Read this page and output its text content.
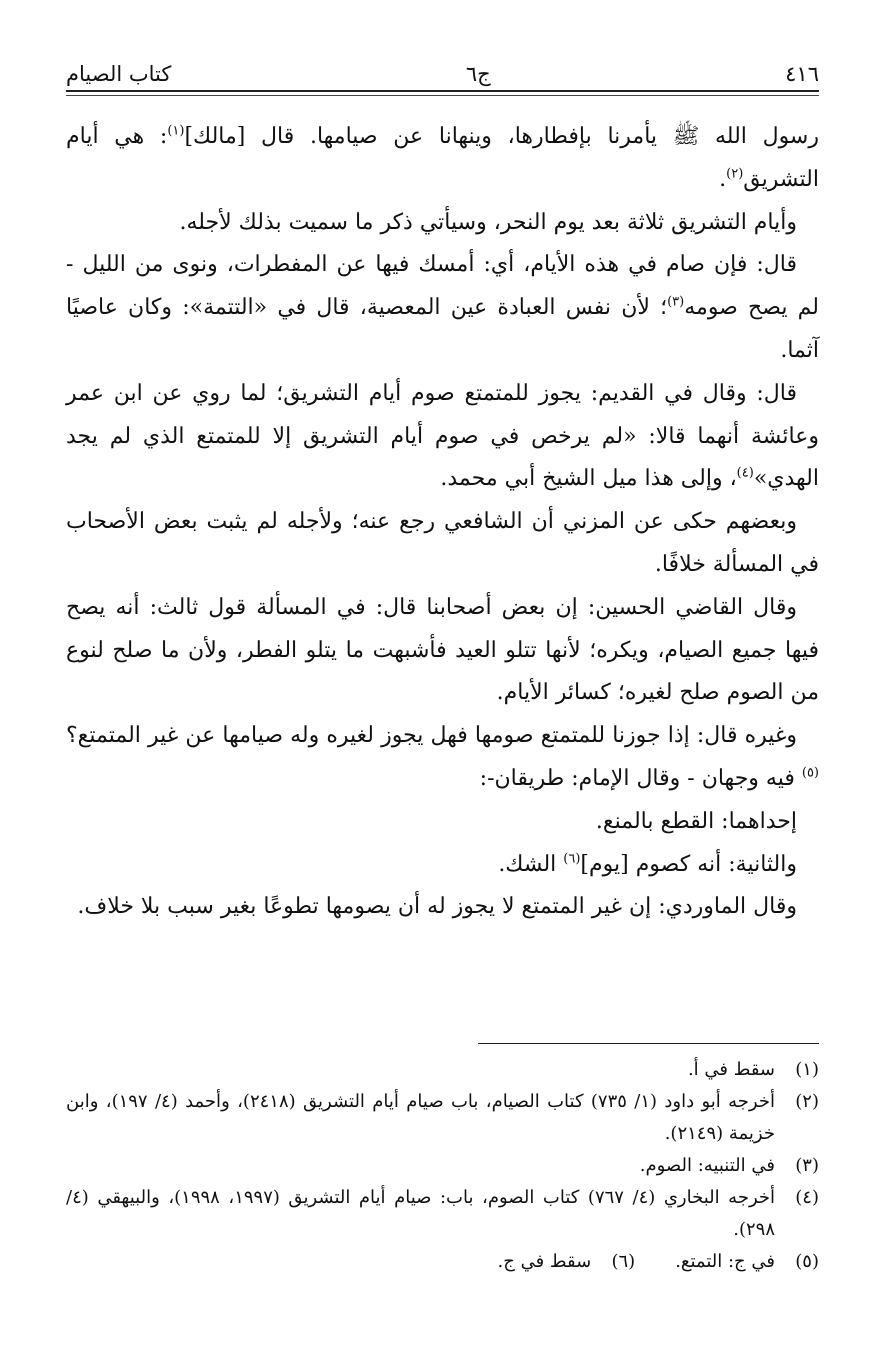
٤١٦
ج٦
كتاب الصيام

رسول الله ﷺ يأمرنا بإفطارها، وينهانا عن صيامها. قال [مالك]$^{(١)}$: هي أيام التشريق$^{(٢)}$.

وأيام التشريق ثلاثة بعد يوم النحر، وسيأتي ذكر ما سميت بذلك لأجله.

قال: فإن صام في هذه الأيام، أي: أمسك فيها عن المفطرات، ونوى من الليل - لم يصح صومه$^{(٣)}$؛ لأن نفس العبادة عين المعصية، قال في «التتمة»: وكان عاصيًا آثما.

قال: وقال في القديم: يجوز للمتمتع صوم أيام التشريق؛ لما روي عن ابن عمر وعائشة أنهما قالا: «لم يرخص في صوم أيام التشريق إلا للمتمتع الذي لم يجد الهدي»$^{(٤)}$، وإلى هذا ميل الشيخ أبي محمد.

وبعضهم حكى عن المزني أن الشافعي رجع عنه؛ ولأجله لم يثبت بعض الأصحاب في المسألة خلافًا.

وقال القاضي الحسين: إن بعض أصحابنا قال: في المسألة قول ثالث: أنه يصح فيها جميع الصيام، ويكره؛ لأنها تتلو العيد فأشبهت ما يتلو الفطر، ولأن ما صلح لنوع من الصوم صلح لغيره؛ كسائر الأيام.

وغيره قال: إذا جوزنا للمتمتع صومها فهل يجوز لغيره وله صيامها عن غير المتمتع؟$^{(٥)}$ فيه وجهان - وقال الإمام: طريقان-:

إحداهما: القطع بالمنع.

والثانية: أنه كصوم [يوم]$^{(٦)}$ الشك.

وقال الماوردي: إن غير المتمتع لا يجوز له أن يصومها تطوعًا بغير سبب بلا خلاف.

(١)
سقط في أ.
(٢)
أخرجه أبو داود (١/ ٧٣٥) كتاب الصيام، باب صيام أيام التشريق (٢٤١٨)، وأحمد (٤/ ١٩٧)، وابن خزيمة (٢١٤٩).
(٣)
في التنبيه: الصوم.
(٤)
أخرجه البخاري (٤/ ٧٦٧) كتاب الصوم، باب: صيام أيام التشريق (١٩٩٧، ١٩٩٨)، والبيهقي (٤/ ٢٩٨).
(٥)
في ج: التمتع.
(٦)
سقط في ج.
